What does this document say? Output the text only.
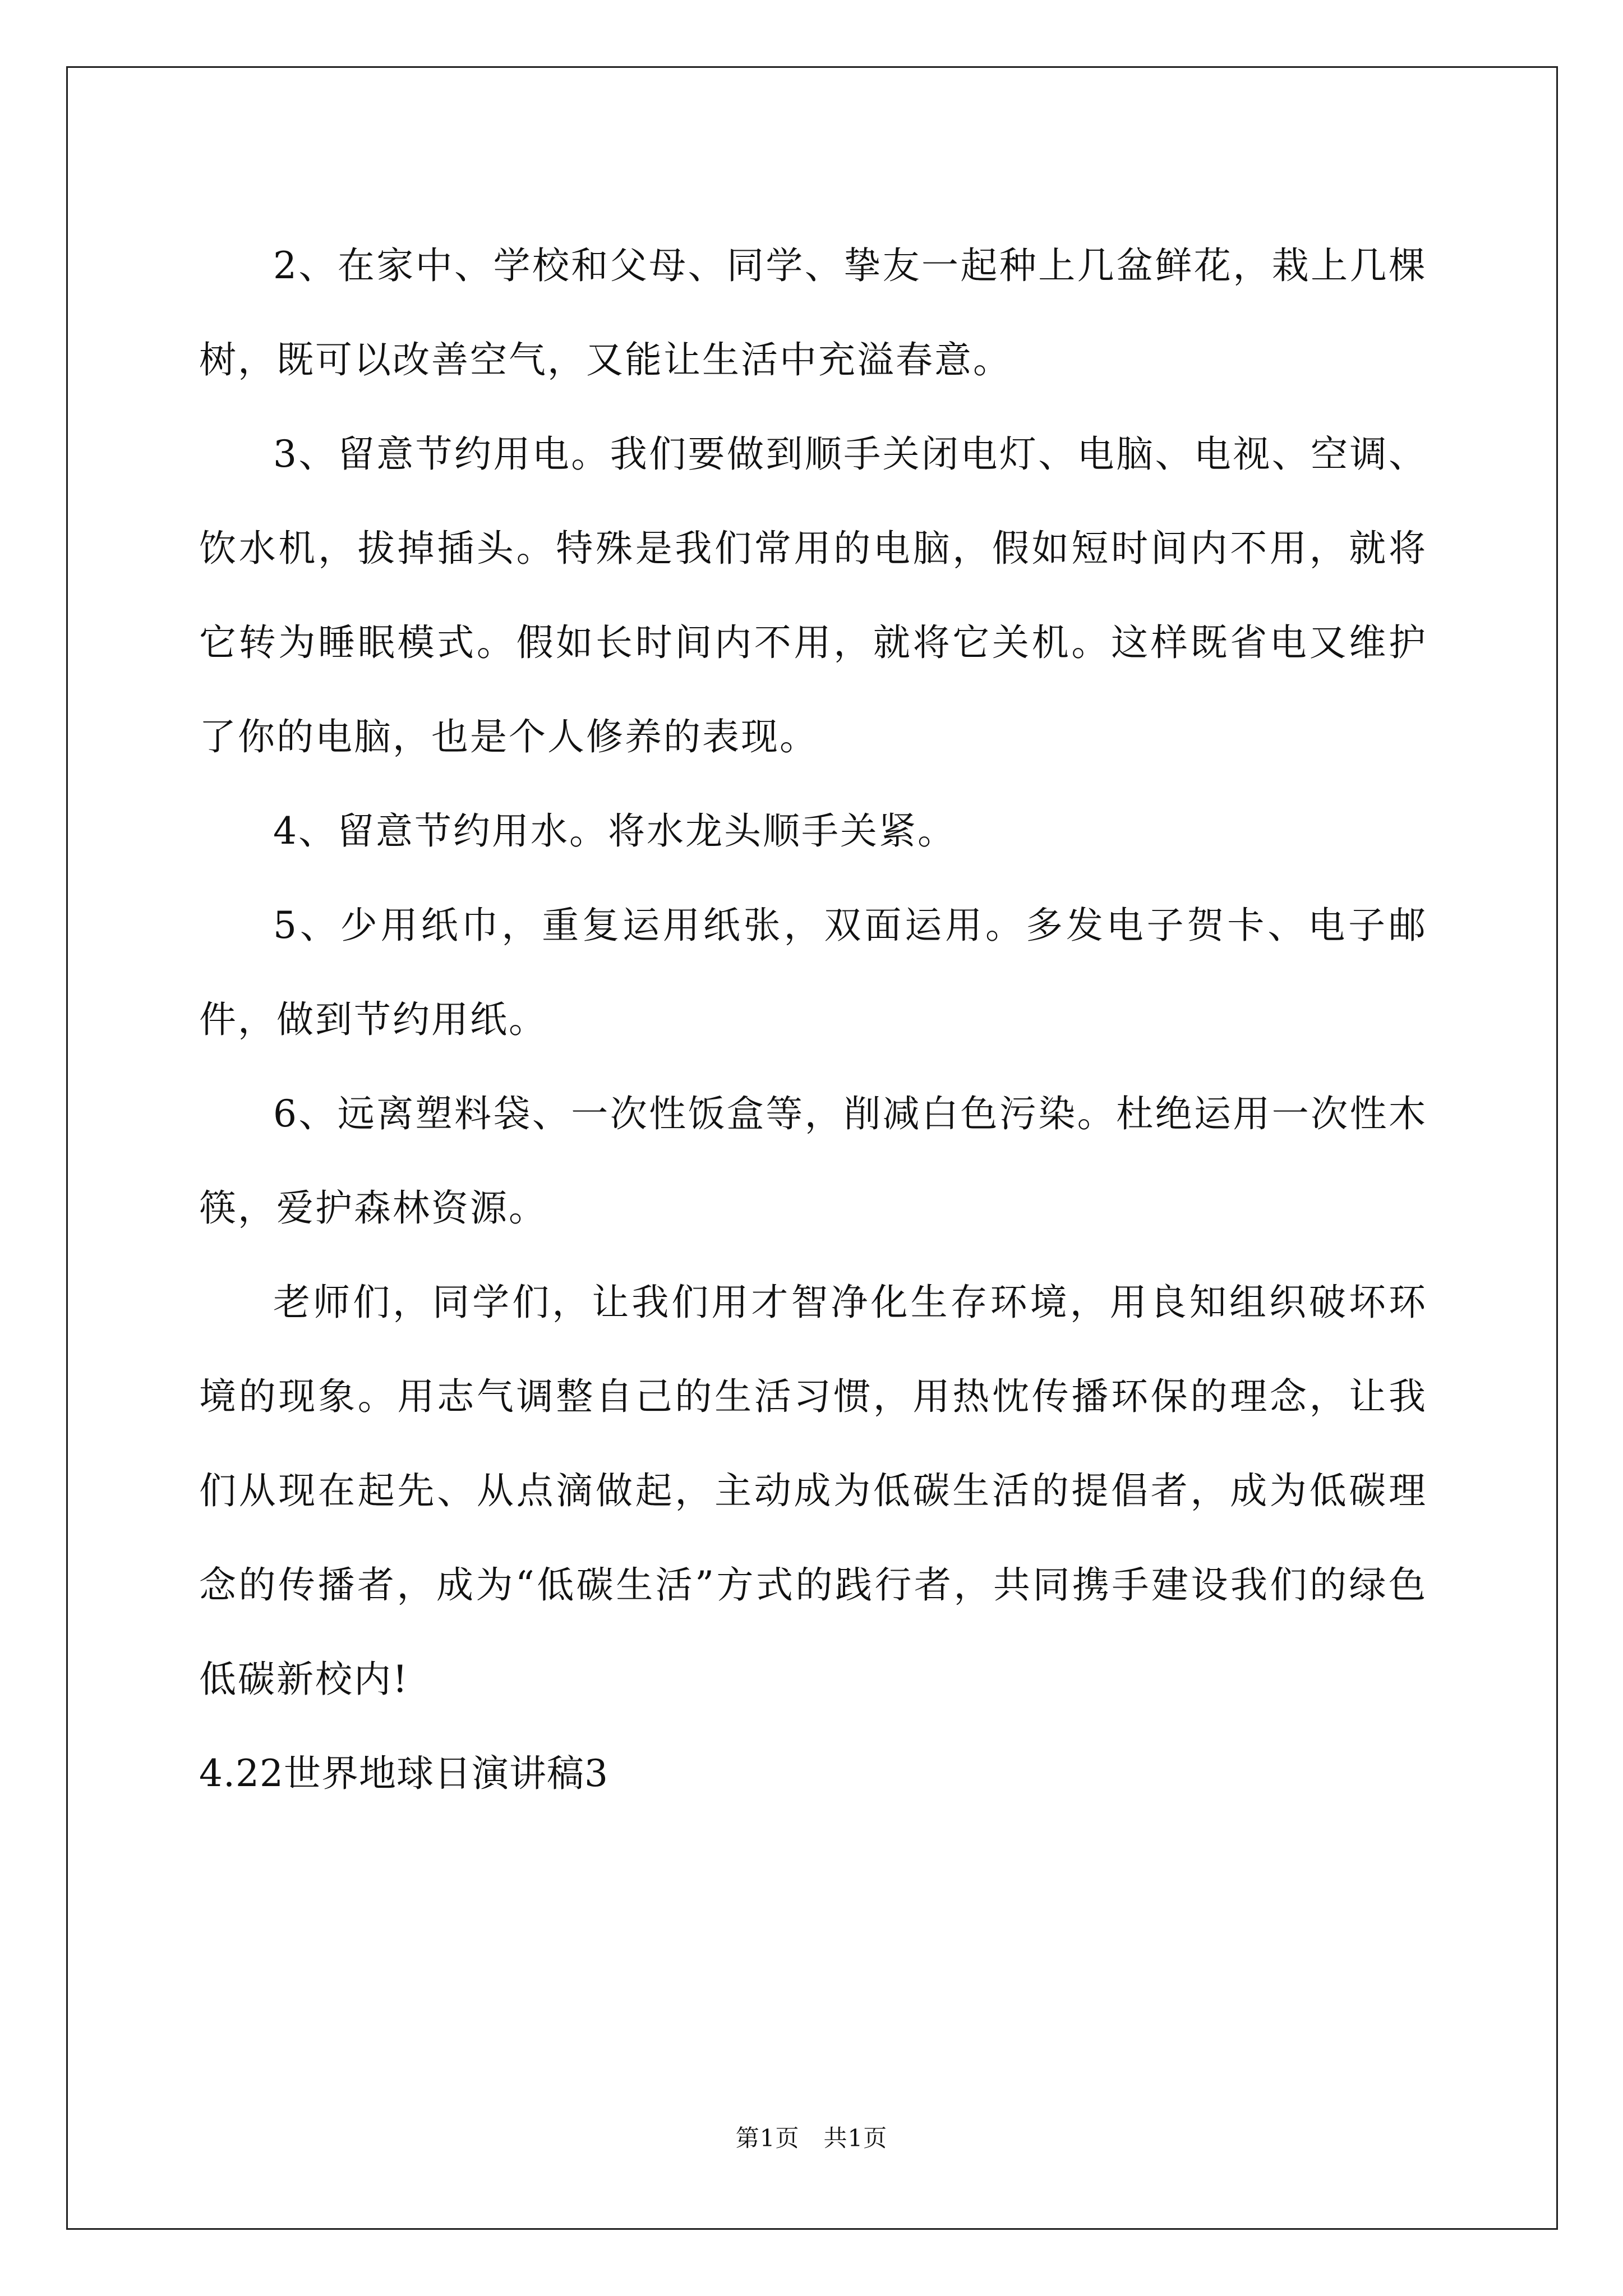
2、在家中、学校和父母、同学、挚友一起种上几盆鲜花，栽上几棵树，既可以改善空气，又能让生活中充溢春意。

3、留意节约用电。我们要做到顺手关闭电灯、电脑、电视、空调、饮水机，拔掉插头。特殊是我们常用的电脑，假如短时间内不用，就将它转为睡眠模式。假如长时间内不用，就将它关机。这样既省电又维护了你的电脑，也是个人修养的表现。

4、留意节约用水。将水龙头顺手关紧。

5、少用纸巾，重复运用纸张，双面运用。多发电子贺卡、电子邮件，做到节约用纸。

6、远离塑料袋、一次性饭盒等，削减白色污染。杜绝运用一次性木筷，爱护森林资源。

老师们，同学们，让我们用才智净化生存环境，用良知组织破坏环境的现象。用志气调整自己的生活习惯，用热忱传播环保的理念，让我们从现在起先、从点滴做起，主动成为低碳生活的提倡者，成为低碳理念的传播者，成为“低碳生活”方式的践行者，共同携手建设我们的绿色低碳新校内!

4.22世界地球日演讲稿3

第1页 共1页
